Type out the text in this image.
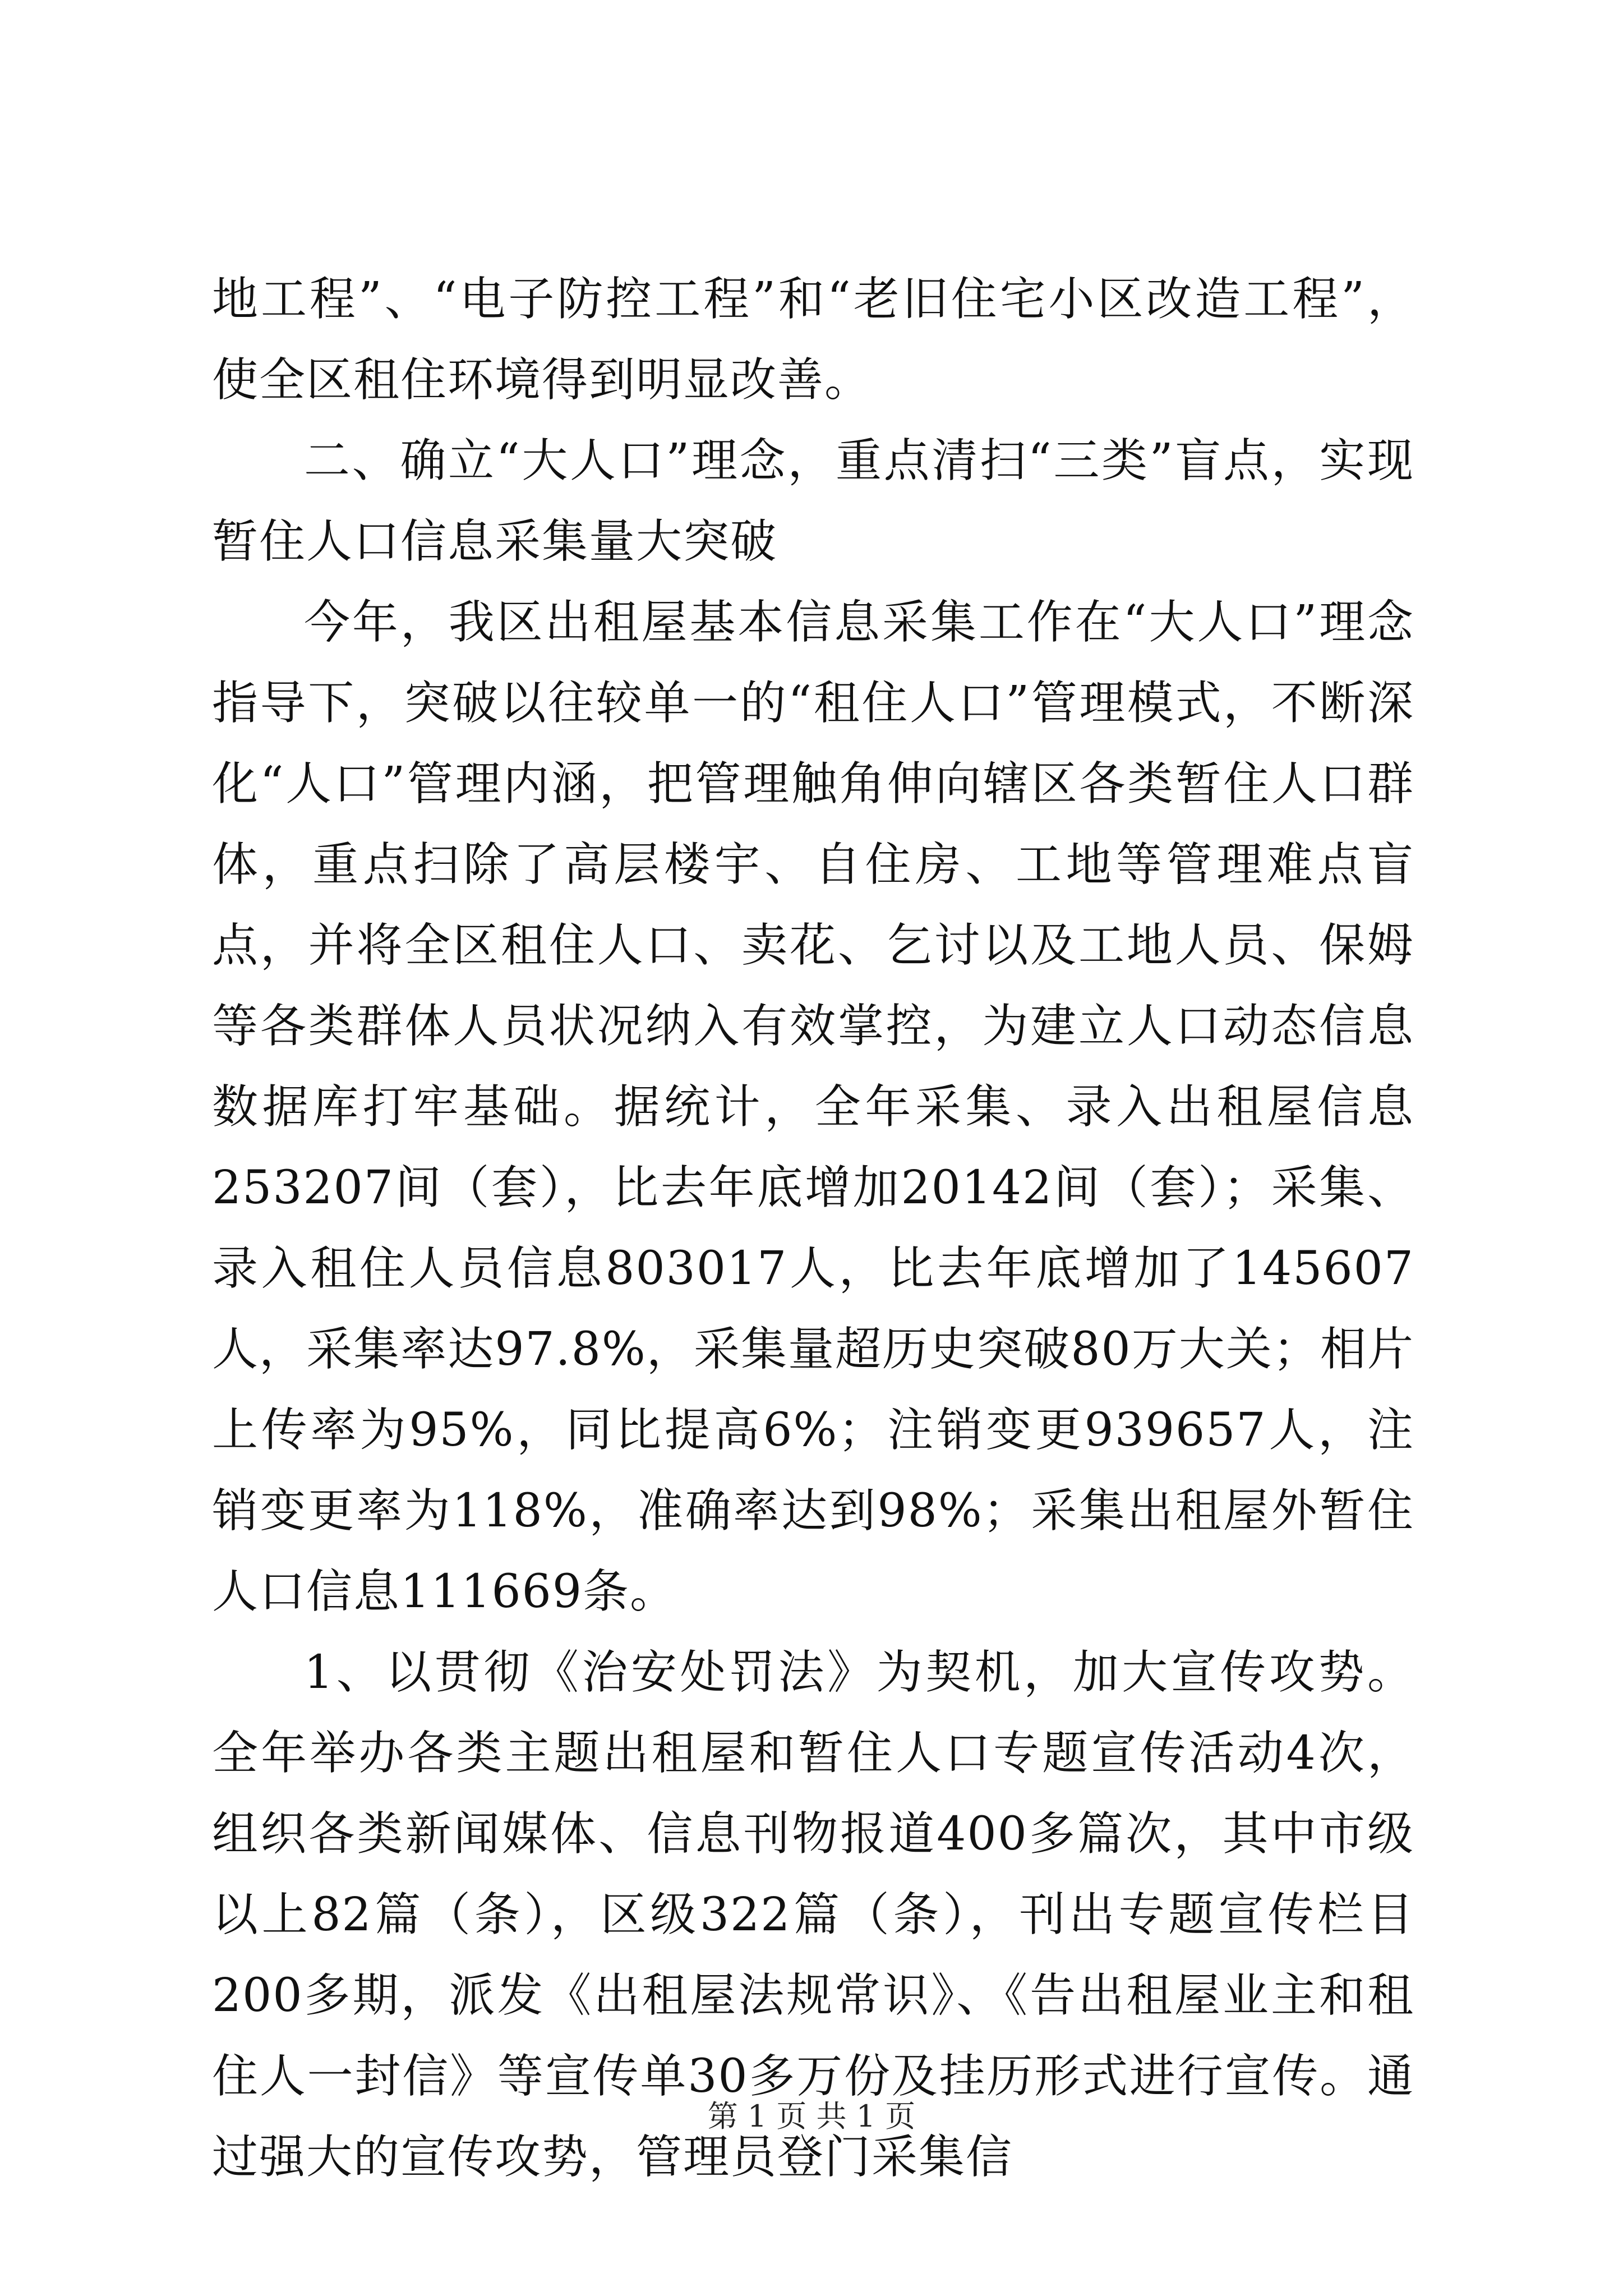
地工程”、“电子防控工程”和“老旧住宅小区改造工程”，使全区租住环境得到明显改善。

二、确立“大人口”理念，重点清扫“三类”盲点，实现暂住人口信息采集量大突破

今年，我区出租屋基本信息采集工作在“大人口”理念指导下，突破以往较单一的“租住人口”管理模式，不断深化“人口”管理内涵，把管理触角伸向辖区各类暂住人口群体，重点扫除了高层楼宇、自住房、工地等管理难点盲点，并将全区租住人口、卖花、乞讨以及工地人员、保姆等各类群体人员状况纳入有效掌控，为建立人口动态信息数据库打牢基础。据统计，全年采集、录入出租屋信息253207间（套），比去年底增加20142间（套）；采集、录入租住人员信息803017人，比去年底增加了145607人，采集率达97.8%，采集量超历史突破80万大关；相片上传率为95%，同比提高6%；注销变更939657人，注销变更率为118%，准确率达到98%；采集出租屋外暂住人口信息111669条。

1、以贯彻《治安处罚法》为契机，加大宣传攻势。全年举办各类主题出租屋和暂住人口专题宣传活动4次，组织各类新闻媒体、信息刊物报道400多篇次，其中市级以上82篇（条），区级322篇（条），刊出专题宣传栏目200多期，派发《出租屋法规常识》、《告出租屋业主和租住人一封信》等宣传单30多万份及挂历形式进行宣传。通过强大的宣传攻势，管理员登门采集信

第 1 页 共 1 页
